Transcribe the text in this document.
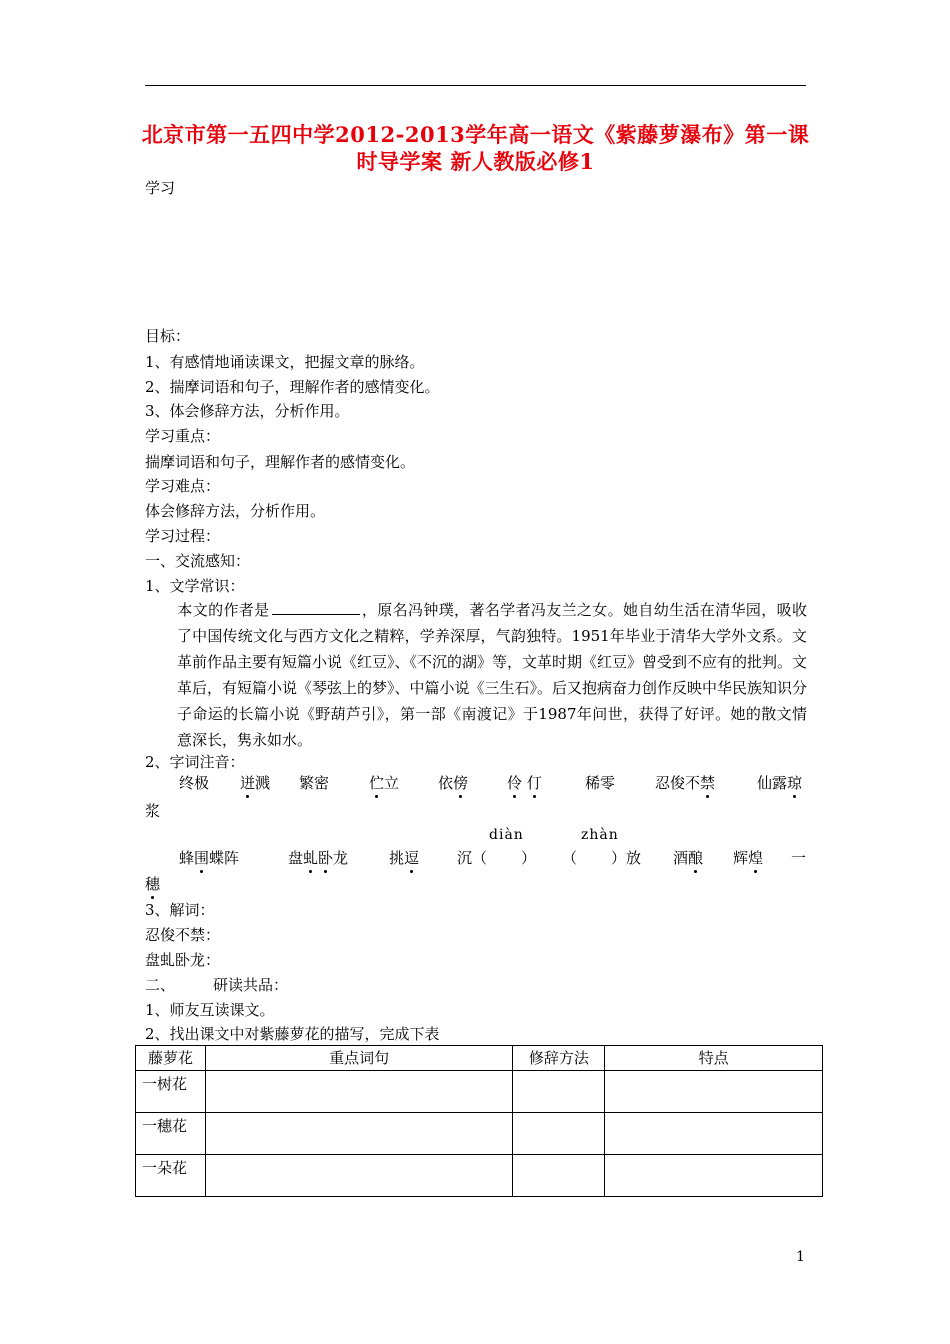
北京市第一五四中学2012-2013学年高一语文《紫藤萝瀑布》第一课时导学案 新人教版必修1
学习
目标：
1、有感情地诵读课文，把握文章的脉络。
2、揣摩词语和句子，理解作者的感情变化。
3、体会修辞方法，分析作用。
学习重点：
揣摩词语和句子，理解作者的感情变化。
学习难点：
体会修辞方法，分析作用。
学习过程：
一、交流感知：
1、文学常识：
本文的作者是	，原名冯钟璞，著名学者冯友兰之女。她自幼生活在清华园，吸收了中国传统文化与西方文化之精粹，学养深厚，气韵独特。1951年毕业于清华大学外文系。文革前作品主要有短篇小说《红豆》、《不沉的湖》等，文革时期《红豆》曾受到不应有的批判。文革后，有短篇小说《琴弦上的梦》、中篇小说《三生石》。后又抱病奋力创作反映中华民族知识分子命运的长篇小说《野葫芦引》，第一部《南渡记》于1987年问世，获得了好评。她的散文情意深长，隽永如水。
2、字词注音：
终极 迸溅 繁密	伫立	依傍	伶 仃	稀零	忍俊不禁	仙露琼
浆
diàn	zhàn
蜂围蝶阵	盘虬卧龙	挑逗	沉（ ） （ ）放 酒酿 辉煌 一
穗
3、解词：
忍俊不禁：
盘虬卧龙：
二、	研读共品：
1、师友互读课文。
2、找出课文中对紫藤萝花的描写，完成下表
藤萝花	重点词句	修辞方法	特点
一树花			
一穗花			
一朵花			
1
